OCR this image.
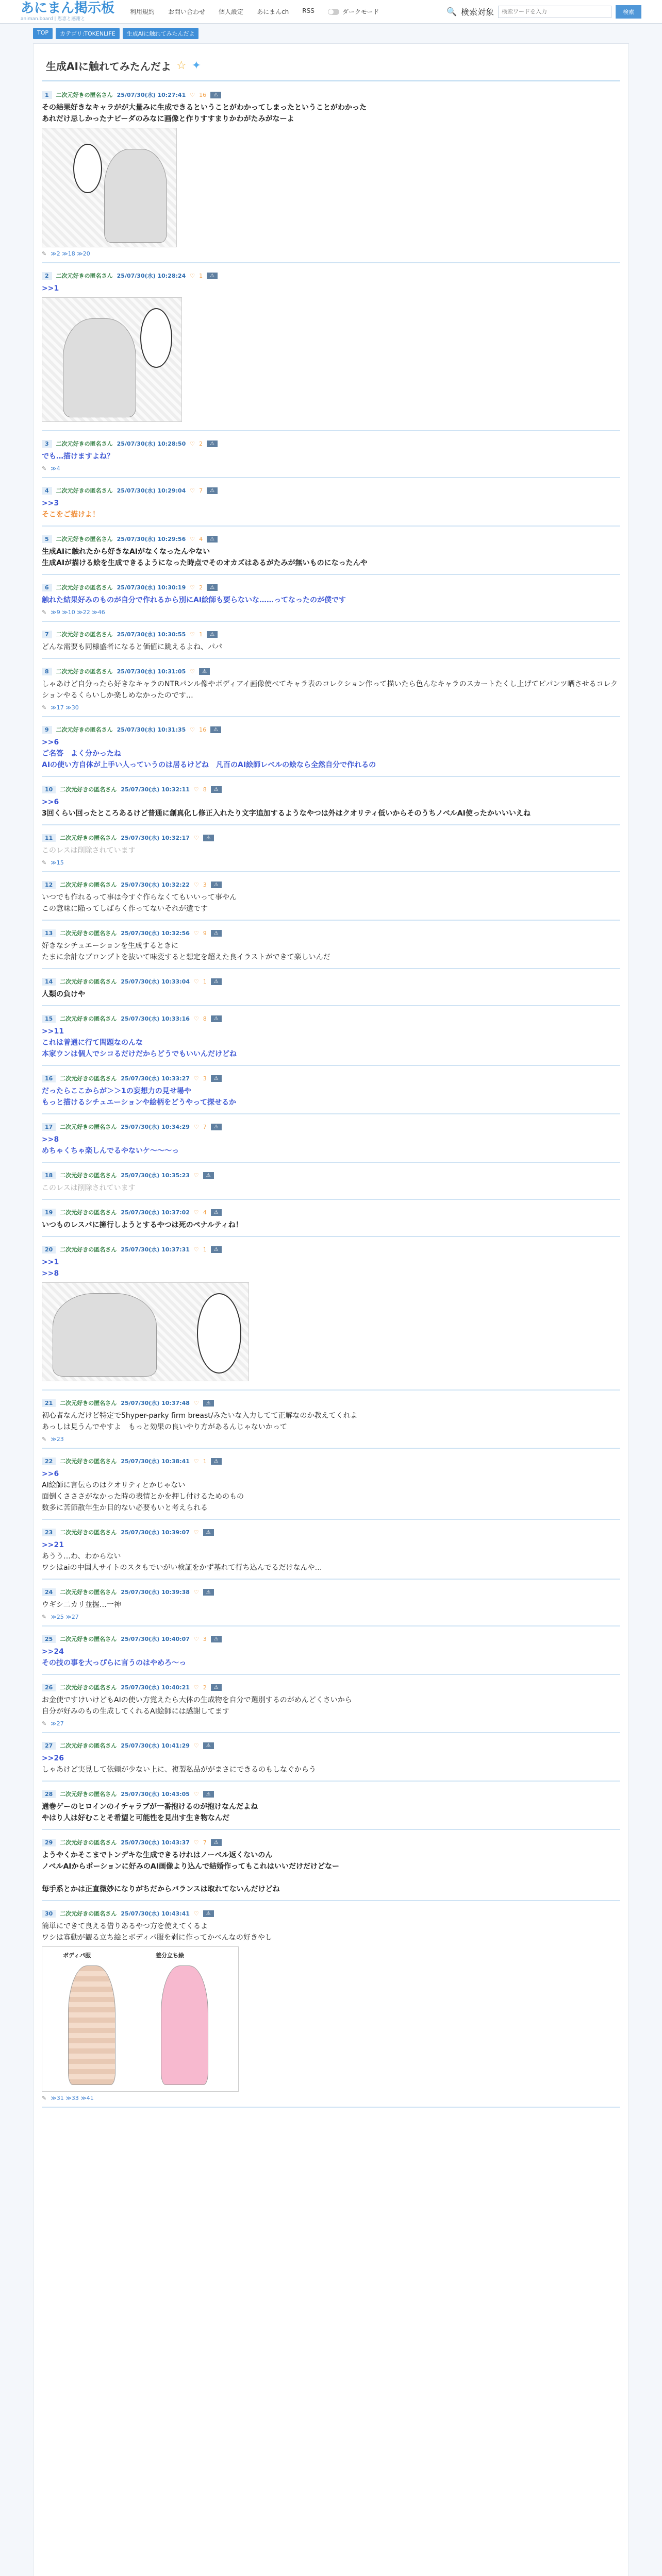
あにまん掲示板
animan.board | 恩恵と感謝と
利用規約 お問い合わせ 個人設定 あにまんch RSS	ダークモード	🔍 検索対象
検索ワードを入力	検索
TOP	カテゴリ:TOKENLIFE	生成AIに触れてみたんだよ
生成AIに触れてみたんだよ ☆ ✦
1	二次元好きの匿名さん 25/07/30(水) 10:27:41 ♡ 16	⚠
その結果好きなキャラがが大量みに生成できるということがわかってしまったということがわかった
あれだけ忌しかったナビーダのみなに画像と作りすすまりかわがたみがなーよ
✎ ≫2 ≫18 ≫20
2	二次元好きの匿名さん 25/07/30(水) 10:28:24 ♡ 1	⚠
>>1
3	二次元好きの匿名さん 25/07/30(水) 10:28:50 ♡ 2	⚠
でも…描けますよね？
✎ ≫4
4	二次元好きの匿名さん 25/07/30(水) 10:29:04 ♡ 7	⚠
>>3
そこをご描けよ！
5	二次元好きの匿名さん 25/07/30(水) 10:29:56 ♡ 4	⚠
生成AIに触れたから好きなAIがなくなったんやない
生成AIが描ける絵を生成できるようになった時点でそのオカズはあるがたみが無いものになったんや
6	二次元好きの匿名さん 25/07/30(水) 10:30:19 ♡ 2	⚠
触れた結果好みのものが自分で作れるから別にAI絵師も要らないな……ってなったのが僕です
✎ ≫9 ≫10 ≫22 ≫46
7	二次元好きの匿名さん 25/07/30(水) 10:30:55 ♡ 1	⚠
どんな需要も同様盛者になると価値に跳えるよね、パパ
8	二次元好きの匿名さん 25/07/30(水) 10:31:05 ♡	⚠
しゃあけど自分ったら好きなキャラのNTRパンル像やボディアイ画像使べてキャラ表のコレクション作って描いたら色んなキャラのスカートたくし上げてピパンツ晒させるコレクションやるくらいしか楽しめなかったのです…
✎ ≫17 ≫30
9	二次元好きの匿名さん 25/07/30(水) 10:31:35 ♡ 16	⚠
>>6
ご名答　よく分かったね
AIの使い方自体が上手い人っていうのは居るけどね　凡百のAI絵師レベルの絵なら全然自分で作れるの
10	二次元好きの匿名さん 25/07/30(水) 10:32:11 ♡ 8	⚠
>>6
3回くらい回ったところあるけど普通に創真化し修正入れたり文字追加するようなやつは外はクオリティ低いからそのうちノベルAI使ったかいいいえね
11	二次元好きの匿名さん 25/07/30(水) 10:32:17 ♡	⚠
このレスは削除されています
✎ ≫15
12	二次元好きの匿名さん 25/07/30(水) 10:32:22 ♡ 3	⚠
いつでも作れるって事は今すぐ作らなくてもいいって事やん
この意味に陥ってしばらく作ってないそれが遺です
13	二次元好きの匿名さん 25/07/30(水) 10:32:56 ♡ 9	⚠
好きなシチュエーションを生成するときに
たまに余計なプロンプトを抜いて味変すると想定を超えた良イラストができて楽しいんだ
14	二次元好きの匿名さん 25/07/30(水) 10:33:04 ♡ 1	⚠
人類の負けや
15	二次元好きの匿名さん 25/07/30(水) 10:33:16 ♡ 8	⚠
>>11
これは普通に行て問題なのんな
本家ウンは個人でシコるだけだからどうでもいいんだけどね
16	二次元好きの匿名さん 25/07/30(水) 10:33:27 ♡ 3	⚠
だったらここからが＞＞1の妄想力の見せ場や
もっと描けるシチュエーションや絵柄をどうやって探せるか
17	二次元好きの匿名さん 25/07/30(水) 10:34:29 ♡ 7	⚠
>>8
めちゃくちゃ楽しんでるやないケ〜〜〜っ
18	二次元好きの匿名さん 25/07/30(水) 10:35:23 ♡	⚠
このレスは削除されています
19	二次元好きの匿名さん 25/07/30(水) 10:37:02 ♡ 4	⚠
いつものレスバに擁行しようとするやつは死のペナルティね！
20	二次元好きの匿名さん 25/07/30(水) 10:37:31 ♡ 1	⚠
>>1
>>8
21	二次元好きの匿名さん 25/07/30(水) 10:37:48 ♡	⚠
初心者なんだけど特定で5hyper-parky firm breast/みたいな入力してて正解なのか教えてくれよ
あっしは見うんでやすよ　もっと効果の良いやり方があるんじゃないかって
✎ ≫23
22	二次元好きの匿名さん 25/07/30(水) 10:38:41 ♡ 1	⚠
>>6
AI絵師に言伝らのはクオリティとかじゃない
面倒くさささがなかった時の表情とかを押し付けるためのもの
数多に苦節散年生か目的ない必要もいと考えられる
23	二次元好きの匿名さん 25/07/30(水) 10:39:07 ♡	⚠
>>21
あうう…わ、わからない
ワシはaiの中国人サイトのスタもでいがい検証をかず基れて行ち込んでるだけなんや…
24	二次元好きの匿名さん 25/07/30(水) 10:39:38 ♡	⚠
ウギシ二カリ並握…一神
✎ ≫25 ≫27
25	二次元好きの匿名さん 25/07/30(水) 10:40:07 ♡ 3	⚠
>>24
その技の事を大っぴらに言うのはやめろ〜っ
26	二次元好きの匿名さん 25/07/30(水) 10:40:21 ♡ 2	⚠
お金使ですけいけどもAIの使い方覚えたら大体の生成物を自分で選別するのがめんどくさいから
自分が好みのもの生成してくれるAI絵師には感謝してます
✎ ≫27
27	二次元好きの匿名さん 25/07/30(水) 10:41:29 ♡	⚠
>>26
しゃあけど実見して依頼が少ない上に、複製私品ががまさにできるのもしなぐからう
28	二次元好きの匿名さん 25/07/30(水) 10:43:05 ♡	⚠
通巻ゲーのヒロインのイチャラブが一番抱けるのが抱けなんだよね
やはり人は好むことそ希望と可能性を見出す生き物なんだ
29	二次元好きの匿名さん 25/07/30(水) 10:43:37 ♡ 7	⚠
ようやくかそこまでトンデキな生成できるけれはノーベル返くないのん
ノベルAIからポーションに好みのAI画像より込んで結婚作ってもこれはいいだけだけどなー
毎手系とかは正直微妙になりがちだからバランスは取れてないんだけどね
30	二次元好きの匿名さん 25/07/30(水) 10:43:41 ♡	⚠
簡単にできて良える借りあるやつ方を使えてくるよ
ワシは寡動が観る立ち絵とボディパ服を剥に作ってかべんなの好きやし
ボディパ服	差分立ち絵
✎ ≫31 ≫33 ≫41
